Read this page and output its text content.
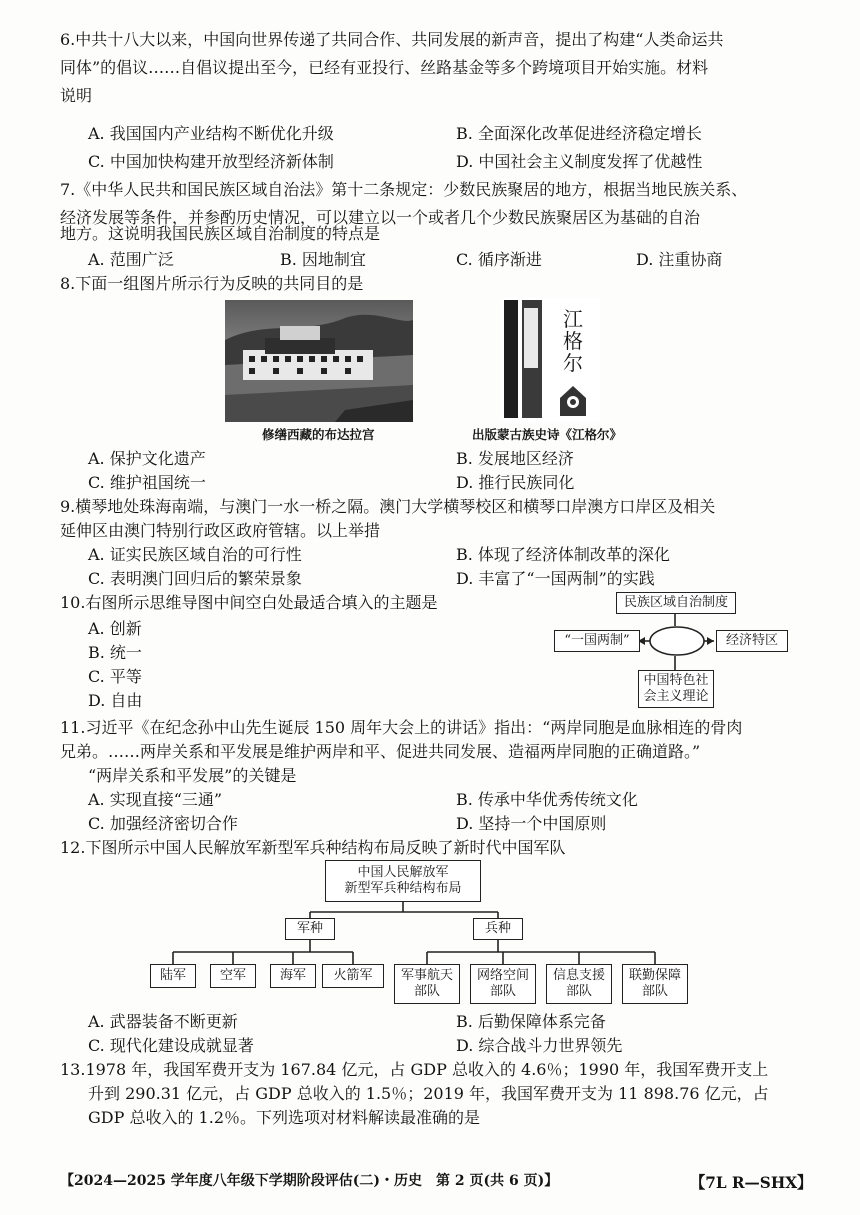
6.中共十八大以来，中国向世界传递了共同合作、共同发展的新声音，提出了构建“人类命运共
同体”的倡议……自倡议提出至今，已经有亚投行、丝路基金等多个跨境项目开始实施。材料
说明
A. 我国国内产业结构不断优化升级	B. 全面深化改革促进经济稳定增长
C. 中国加快构建开放型经济新体制	D. 中国社会主义制度发挥了优越性
7.《中华人民共和国民族区域自治法》第十二条规定：少数民族聚居的地方，根据当地民族关系、
经济发展等条件，并参酌历史情况，可以建立以一个或者几个少数民族聚居区为基础的自治
地方。这说明我国民族区域自治制度的特点是
A. 范围广泛	B. 因地制宜	C. 循序渐进	D. 注重协商
8.下面一组图片所示行为反映的共同目的是
修缮西藏的布达拉宫
江格尔
出版蒙古族史诗《江格尔》
A. 保护文化遗产	B. 发展地区经济
C. 维护祖国统一	D. 推行民族同化
9.横琴地处珠海南端，与澳门一水一桥之隔。澳门大学横琴校区和横琴口岸澳方口岸区及相关
延伸区由澳门特别行政区政府管辖。以上举措
A. 证实民族区域自治的可行性	B. 体现了经济体制改革的深化
C. 表明澳门回归后的繁荣景象	D. 丰富了“一国两制”的实践
10.右图所示思维导图中间空白处最适合填入的主题是
A. 创新
B. 统一
C. 平等
D. 自由
民族区域自治制度
“一国两制”	经济特区
中国特色社
会主义理论
11.习近平《在纪念孙中山先生诞辰 150 周年大会上的讲话》指出：“两岸同胞是血脉相连的骨肉
兄弟。……两岸关系和平发展是维护两岸和平、促进共同发展、造福两岸同胞的正确道路。”
“两岸关系和平发展”的关键是
A. 实现直接“三通”	B. 传承中华优秀传统文化
C. 加强经济密切合作	D. 坚持一个中国原则
12.下图所示中国人民解放军新型军兵种结构布局反映了新时代中国军队
中国人民解放军
新型军兵种结构布局
军种	兵种
陆军	空军	海军	火箭军	军事航天
部队
网络空间
部队
信息支援
部队
联勤保障
部队
A. 武器装备不断更新	B. 后勤保障体系完备
C. 现代化建设成就显著	D. 综合战斗力世界领先
13.1978 年，我国军费开支为 167.84 亿元，占 GDP 总收入的 4.6％；1990 年，我国军费开支上
升到 290.31 亿元，占 GDP 总收入的 1.5％；2019 年，我国军费开支为 11 898.76 亿元，占
GDP 总收入的 1.2％。下列选项对材料解读最准确的是
【2024—2025 学年度八年级下学期阶段评估(二)・历史　第 2 页(共 6 页)】	【7L R—SHX】
